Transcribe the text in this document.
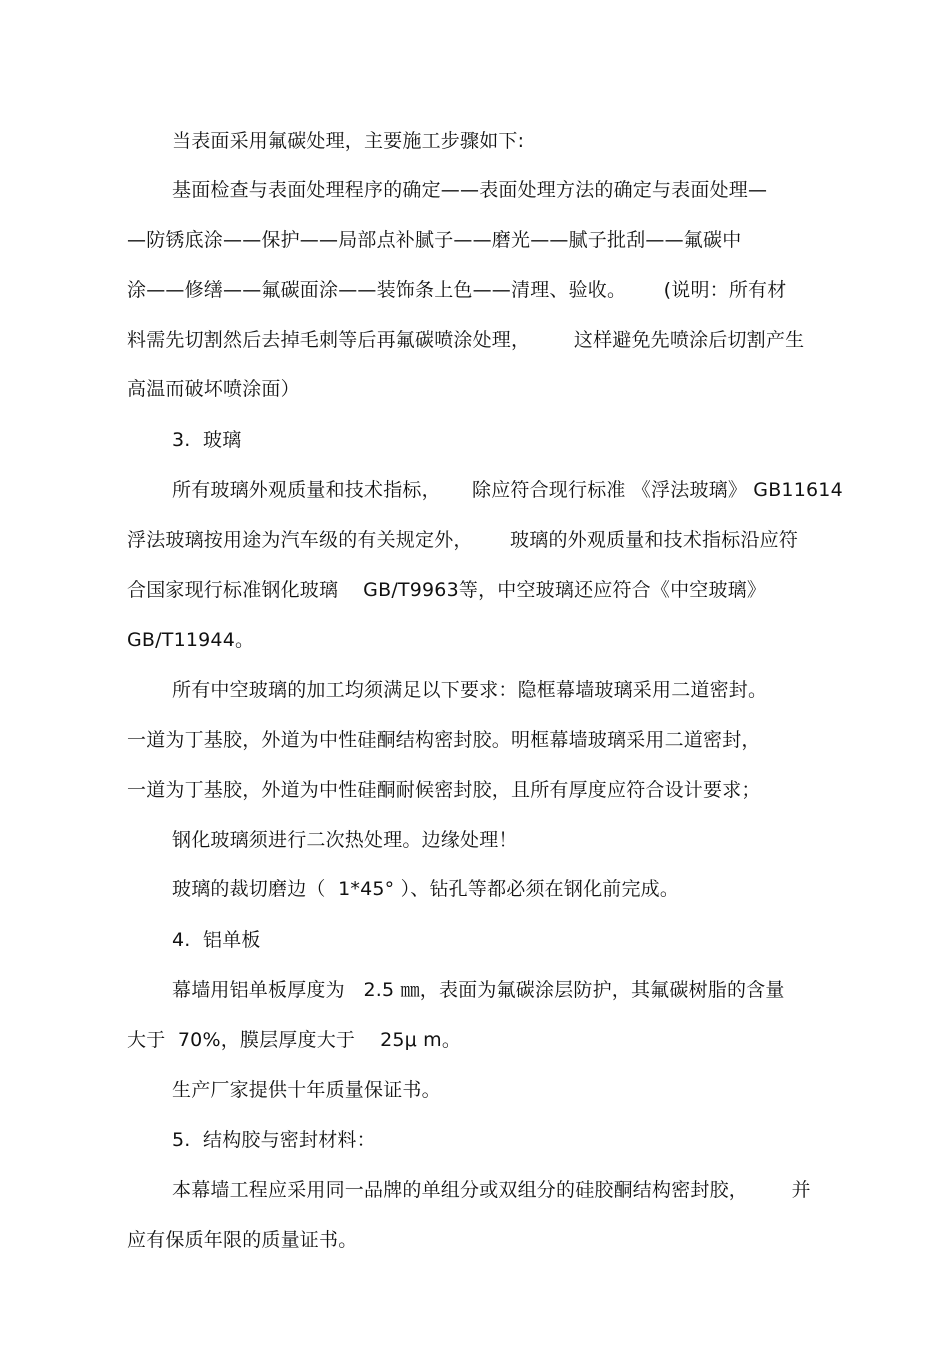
当表面采用氟碳处理，主要施工步骤如下:
基面检查与表面处理程序的确定——表面处理方法的确定与表面处理—
—防锈底涂——保护——局部点补腻子——磨光——腻子批刮——氟碳中
涂——修缮——氟碳面涂——装饰条上色——清理、验收。      (说明：所有材
料需先切割然后去掉毛刺等后再氟碳喷涂处理，       这样避免先喷涂后切割产生
高温而破坏喷涂面）
3.  玻璃
所有玻璃外观质量和技术指标，     除应符合现行标准 《浮法玻璃》 GB11614
浮法玻璃按用途为汽车级的有关规定外，      玻璃的外观质量和技术指标沿应符
合国家现行标准钢化玻璃    GB/T9963等，中空玻璃还应符合《中空玻璃》
GB/T11944。
所有中空玻璃的加工均须满足以下要求：隐框幕墙玻璃采用二道密封。
一道为丁基胶，外道为中性硅酮结构密封胶。明框幕墙玻璃采用二道密封，
一道为丁基胶，外道为中性硅酮耐候密封胶，且所有厚度应符合设计要求；
钢化玻璃须进行二次热处理。边缘处理！
玻璃的裁切磨边（  1*45° ）、钻孔等都必须在钢化前完成。
4.  铝单板
幕墙用铝单板厚度为   2.5 ㎜，表面为氟碳涂层防护，其氟碳树脂的含量
大于  70%，膜层厚度大于    25μ m。
生产厂家提供十年质量保证书。
5.  结构胶与密封材料：
本幕墙工程应采用同一品牌的单组分或双组分的硅胶酮结构密封胶，       并
应有保质年限的质量证书。
